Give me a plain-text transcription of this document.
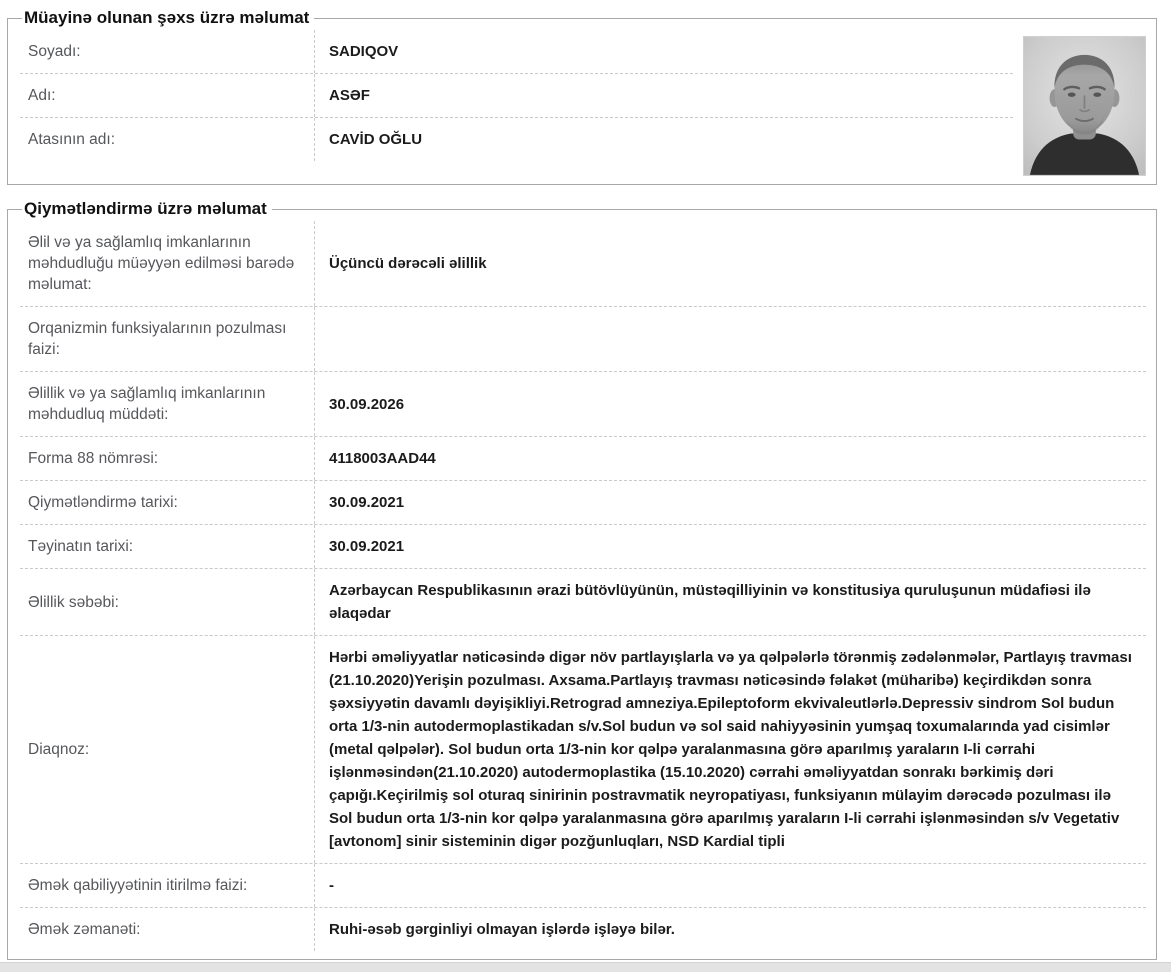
Müayinə olunan şəxs üzrə məlumat
Soyadı:	SADIQOV
Adı:	ASƏF
Atasının adı:	CAVİD OĞLU
Qiymətləndirmə üzrə məlumat
Əlil və ya sağlamlıq imkanlarının məhdudluğu müəyyən edilməsi barədə məlumat:
Üçüncü dərəcəli əlillik
Orqanizmin funksiyalarının pozulması faizi:
Əlillik və ya sağlamlıq imkanlarının məhdudluq müddəti:
30.09.2026
Forma 88 nömrəsi:	4118003AAD44
Qiymətləndirmə tarixi:	30.09.2021
Təyinatın tarixi:	30.09.2021
Əlillik səbəbi:
Azərbaycan Respublikasının ərazi bütövlüyünün, müstəqilliyinin və konstitusiya quruluşunun müdafiəsi ilə əlaqədar
Diaqnoz:
Hərbi əməliyyatlar nəticəsində digər növ partlayışlarla və ya qəlpələrlə törənmiş zədələnmələr, Partlayış travması (21.10.2020)Yerişin pozulması. Axsama.Partlayış travması nəticəsində fəlakət (müharibə) keçirdikdən sonra şəxsiyyətin davamlı dəyişikliyi.Retrograd amneziya.Epileptoform ekvivaleutlərlə.Depressiv sindrom Sol budun orta 1/3-nin autodermoplastikadan s/v.Sol budun və sol said nahiyyəsinin yumşaq toxumalarında yad cisimlər (metal qəlpələr). Sol budun orta 1/3-nin kor qəlpə yaralanmasına görə aparılmış yaraların I-li cərrahi işlənməsindən(21.10.2020) autodermoplastika (15.10.2020) cərrahi əməliyyatdan sonrakı bərkimiş dəri çapığı.Keçirilmiş sol oturaq sinirinin postravmatik neyropatiyası, funksiyanın mülayim dərəcədə pozulması ilə Sol budun orta 1/3-nin kor qəlpə yaralanmasına görə aparılmış yaraların I-li cərrahi işlənməsindən s/v Vegetativ [avtonom] sinir sisteminin digər pozğunluqları, NSD Kardial tipli
Əmək qabiliyyətinin itirilmə faizi:	-
Əmək zəmanəti:	Ruhi-əsəb gərginliyi olmayan işlərdə işləyə bilər.
